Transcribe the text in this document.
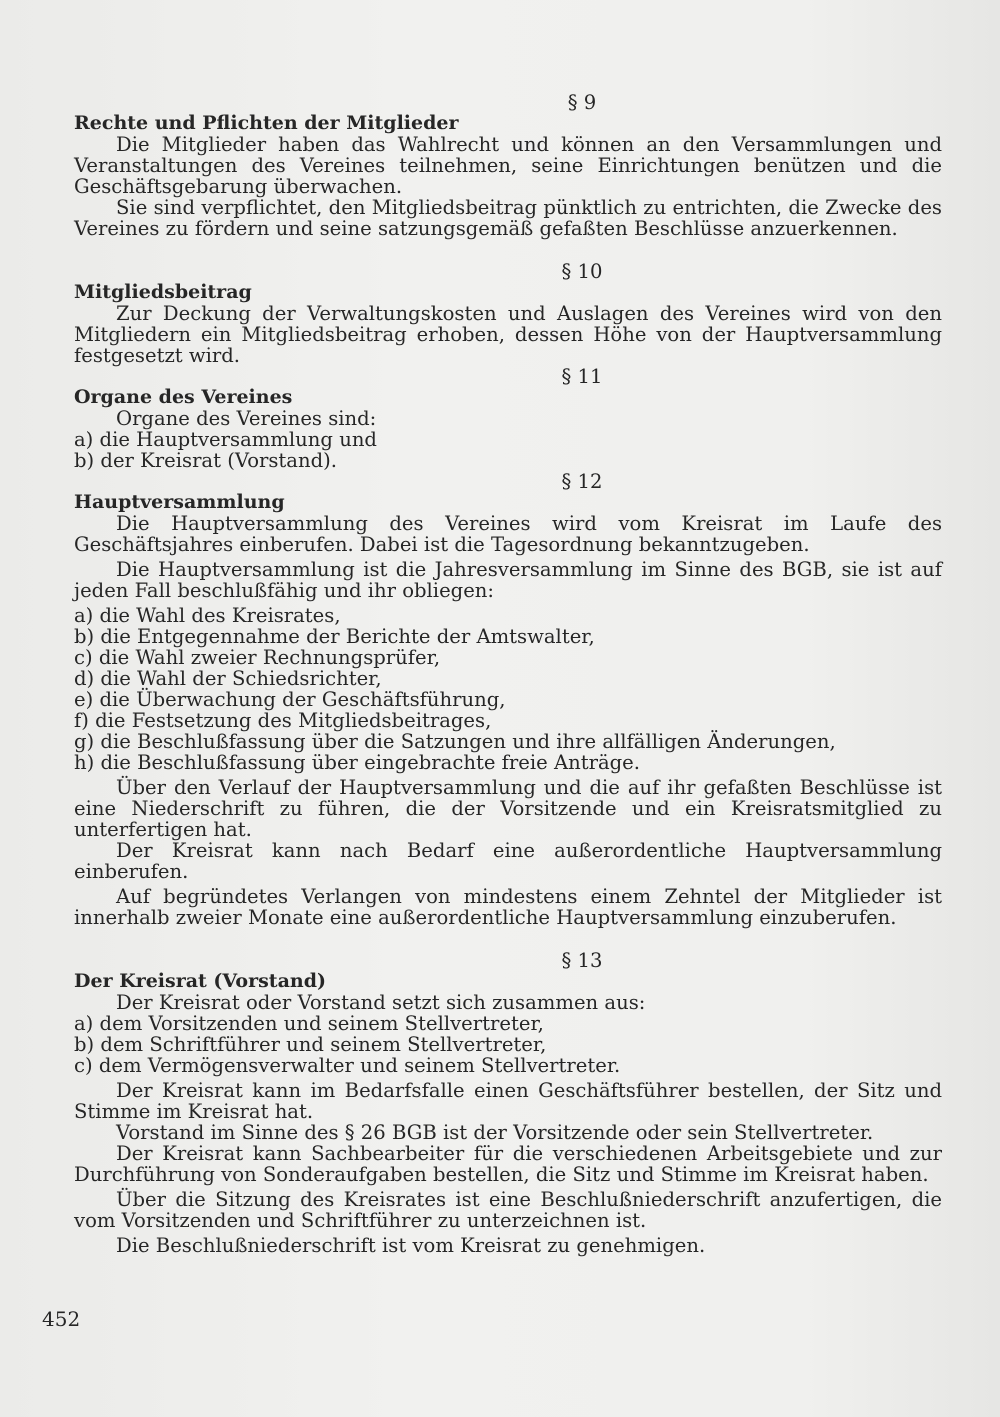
§ 9
Rechte und Pflichten der Mitglieder

Die Mitglieder haben das Wahlrecht und können an den Versammlungen und Veranstaltungen des Vereines teilnehmen, seine Einrichtungen benützen und die Geschäftsgebarung überwachen.

Sie sind verpflichtet, den Mitgliedsbeitrag pünktlich zu entrichten, die Zwecke des Vereines zu fördern und seine satzungsgemäß gefaßten Beschlüsse anzuerkennen.

§ 10
Mitgliedsbeitrag

Zur Deckung der Verwaltungskosten und Auslagen des Vereines wird von den Mitgliedern ein Mitgliedsbeitrag erhoben, dessen Höhe von der Hauptversammlung festgesetzt wird.

§ 11
Organe des Vereines

Organe des Vereines sind:

a) die Hauptversammlung und
b) der Kreisrat (Vorstand).
§ 12
Hauptversammlung

Die Hauptversammlung des Vereines wird vom Kreisrat im Laufe des Geschäftsjahres einberufen. Dabei ist die Tagesordnung bekanntzugeben.

Die Hauptversammlung ist die Jahresversammlung im Sinne des BGB, sie ist auf jeden Fall beschlußfähig und ihr obliegen:

a) die Wahl des Kreisrates,
b) die Entgegennahme der Berichte der Amtswalter,
c) die Wahl zweier Rechnungsprüfer,
d) die Wahl der Schiedsrichter,
e) die Überwachung der Geschäftsführung,
f) die Festsetzung des Mitgliedsbeitrages,
g) die Beschlußfassung über die Satzungen und ihre allfälligen Änderungen,
h) die Beschlußfassung über eingebrachte freie Anträge.

Über den Verlauf der Hauptversammlung und die auf ihr gefaßten Beschlüsse ist eine Niederschrift zu führen, die der Vorsitzende und ein Kreisratsmitglied zu unterfertigen hat.

Der Kreisrat kann nach Bedarf eine außerordentliche Hauptversammlung einberufen.

Auf begründetes Verlangen von mindestens einem Zehntel der Mitglieder ist innerhalb zweier Monate eine außerordentliche Hauptversammlung einzuberufen.

§ 13
Der Kreisrat (Vorstand)

Der Kreisrat oder Vorstand setzt sich zusammen aus:

a) dem Vorsitzenden und seinem Stellvertreter,
b) dem Schriftführer und seinem Stellvertreter,
c) dem Vermögensverwalter und seinem Stellvertreter.

Der Kreisrat kann im Bedarfsfalle einen Geschäftsführer bestellen, der Sitz und Stimme im Kreisrat hat.

Vorstand im Sinne des § 26 BGB ist der Vorsitzende oder sein Stellvertreter.

Der Kreisrat kann Sachbearbeiter für die verschiedenen Arbeitsgebiete und zur Durchführung von Sonderaufgaben bestellen, die Sitz und Stimme im Kreisrat haben.

Über die Sitzung des Kreisrates ist eine Beschlußniederschrift anzufertigen, die vom Vorsitzenden und Schriftführer zu unterzeichnen ist.

Die Beschlußniederschrift ist vom Kreisrat zu genehmigen.

452
